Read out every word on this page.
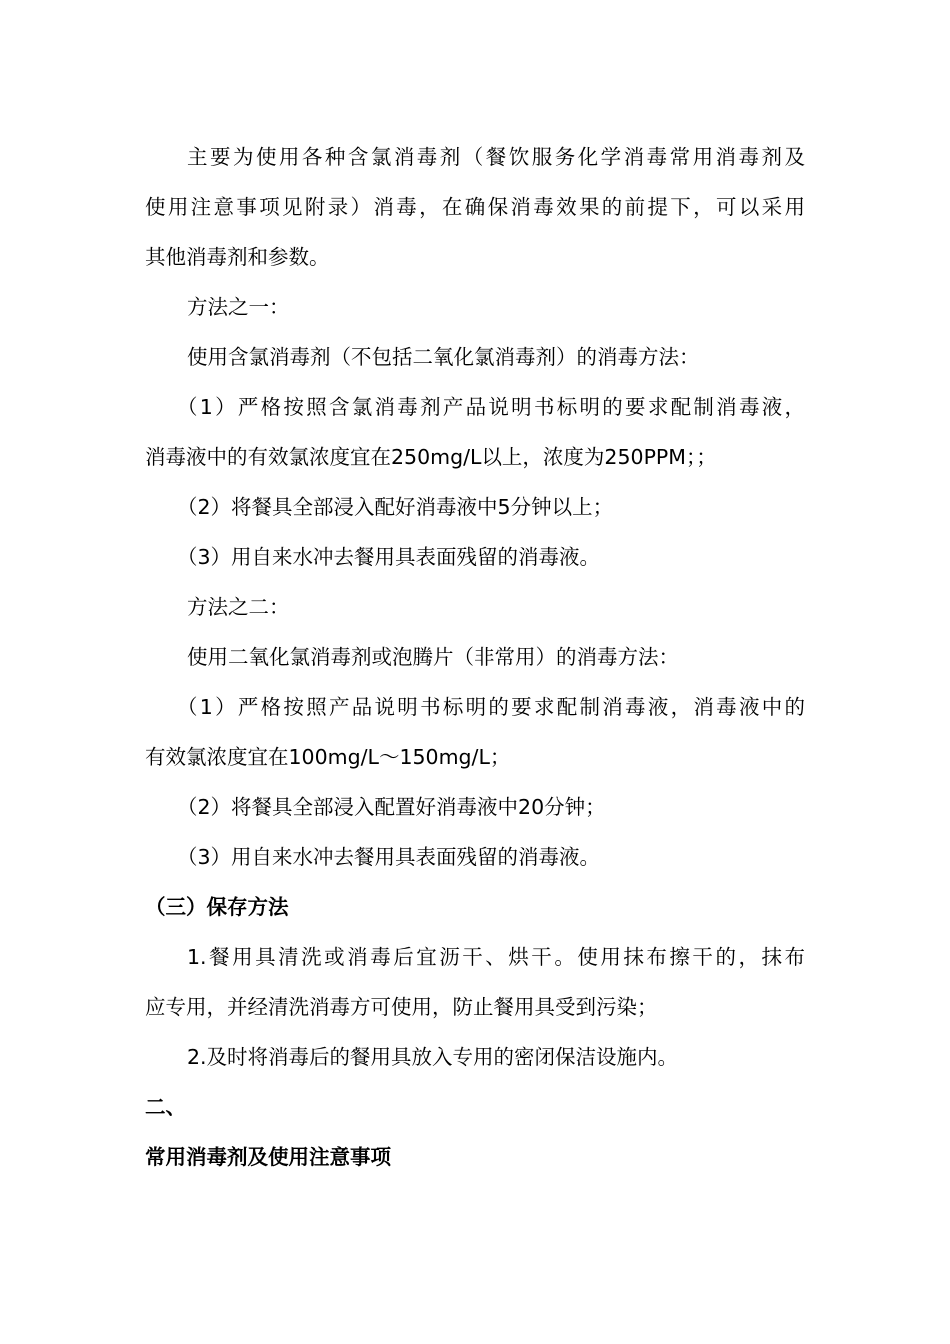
主要为使用各种含氯消毒剂（餐饮服务化学消毒常用消毒剂及

使用注意事项见附录）消毒，在确保消毒效果的前提下，可以采用

其他消毒剂和参数。

方法之一：

使用含氯消毒剂（不包括二氧化氯消毒剂）的消毒方法：

（1）严格按照含氯消毒剂产品说明书标明的要求配制消毒液，

消毒液中的有效氯浓度宜在250mg/L以上，浓度为250PPM；；

（2）将餐具全部浸入配好消毒液中5分钟以上；

（3）用自来水冲去餐用具表面残留的消毒液。

方法之二：

使用二氧化氯消毒剂或泡腾片（非常用）的消毒方法：

（1）严格按照产品说明书标明的要求配制消毒液，消毒液中的

有效氯浓度宜在100mg/L～150mg/L；

（2）将餐具全部浸入配置好消毒液中20分钟；

（3）用自来水冲去餐用具表面残留的消毒液。

（三）保存方法

1.餐用具清洗或消毒后宜沥干、烘干。使用抹布擦干的，抹布

应专用，并经清洗消毒方可使用，防止餐用具受到污染；

2.及时将消毒后的餐用具放入专用的密闭保洁设施内。

二、

常用消毒剂及使用注意事项
